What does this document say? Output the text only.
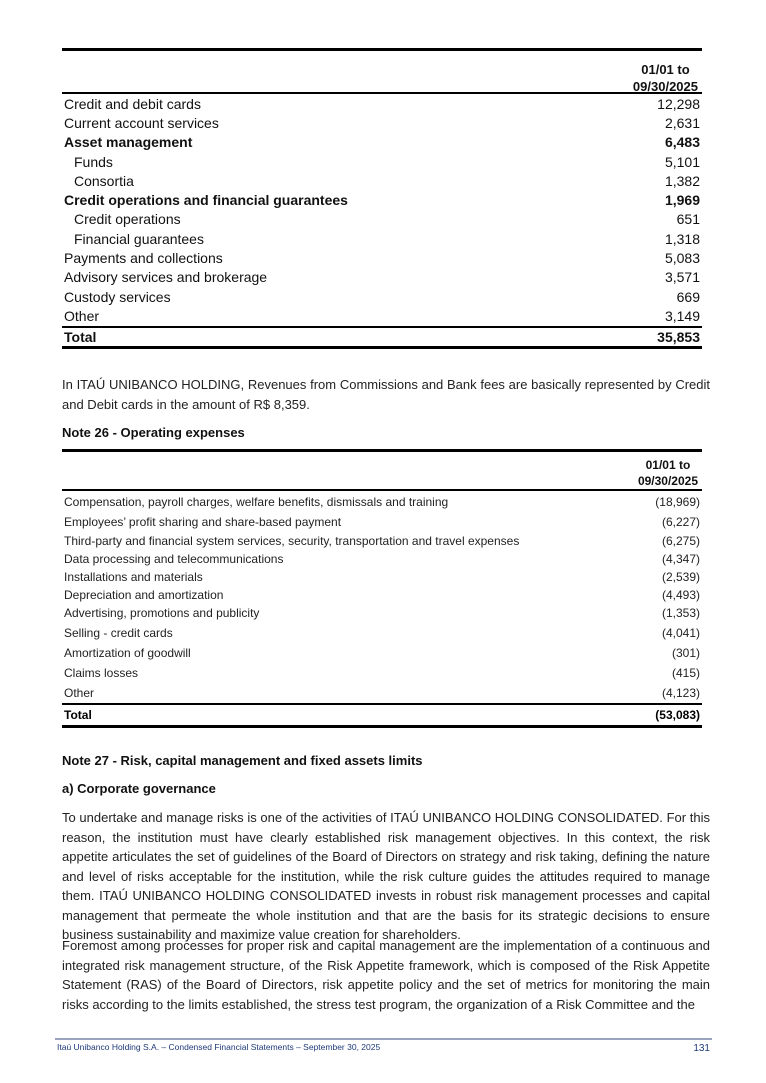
01/01 to
09/30/2025
Credit and debit cards	12,298
Current account services	2,631
Asset management	6,483
Funds	5,101
Consortia	1,382
Credit operations and financial guarantees	1,969
Credit operations	651
Financial guarantees	1,318
Payments and collections	5,083
Advisory services and brokerage	3,571
Custody services	669
Other	3,149
Total	35,853
In ITAÚ UNIBANCO HOLDING, Revenues from Commissions and Bank fees are basically represented by Credit and Debit cards in the amount of R$ 8,359.
Note 26 - Operating expenses
01/01 to
09/30/2025
Compensation, payroll charges, welfare benefits, dismissals and training	(18,969)
Employees’ profit sharing and share-based payment	(6,227)
Third-party and financial system services, security, transportation and travel expenses	(6,275)
Data processing and telecommunications	(4,347)
Installations and materials	(2,539)
Depreciation and amortization	(4,493)
Advertising, promotions and publicity	(1,353)
Selling - credit cards	(4,041)
Amortization of goodwill	(301)
Claims losses	(415)
Other	(4,123)
Total	(53,083)
Note 27 - Risk, capital management and fixed assets limits
a) Corporate governance
To undertake and manage risks is one of the activities of ITAÚ UNIBANCO HOLDING CONSOLIDATED. For this reason, the institution must have clearly established risk management objectives. In this context, the risk appetite articulates the set of guidelines of the Board of Directors on strategy and risk taking, defining the nature and level of risks acceptable for the institution, while the risk culture guides the attitudes required to manage them. ITAÚ UNIBANCO HOLDING CONSOLIDATED invests in robust risk management processes and capital management that permeate the whole institution and that are the basis for its strategic decisions to ensure business sustainability and maximize value creation for shareholders.
Foremost among processes for proper risk and capital management are the implementation of a continuous and integrated risk management structure, of the Risk Appetite framework, which is composed of the Risk Appetite Statement (RAS) of the Board of Directors, risk appetite policy and the set of metrics for monitoring the main risks according to the limits established, the stress test program, the organization of a Risk Committee and the
Itaú Unibanco Holding S.A. – Condensed Financial Statements – September 30, 2025	131
